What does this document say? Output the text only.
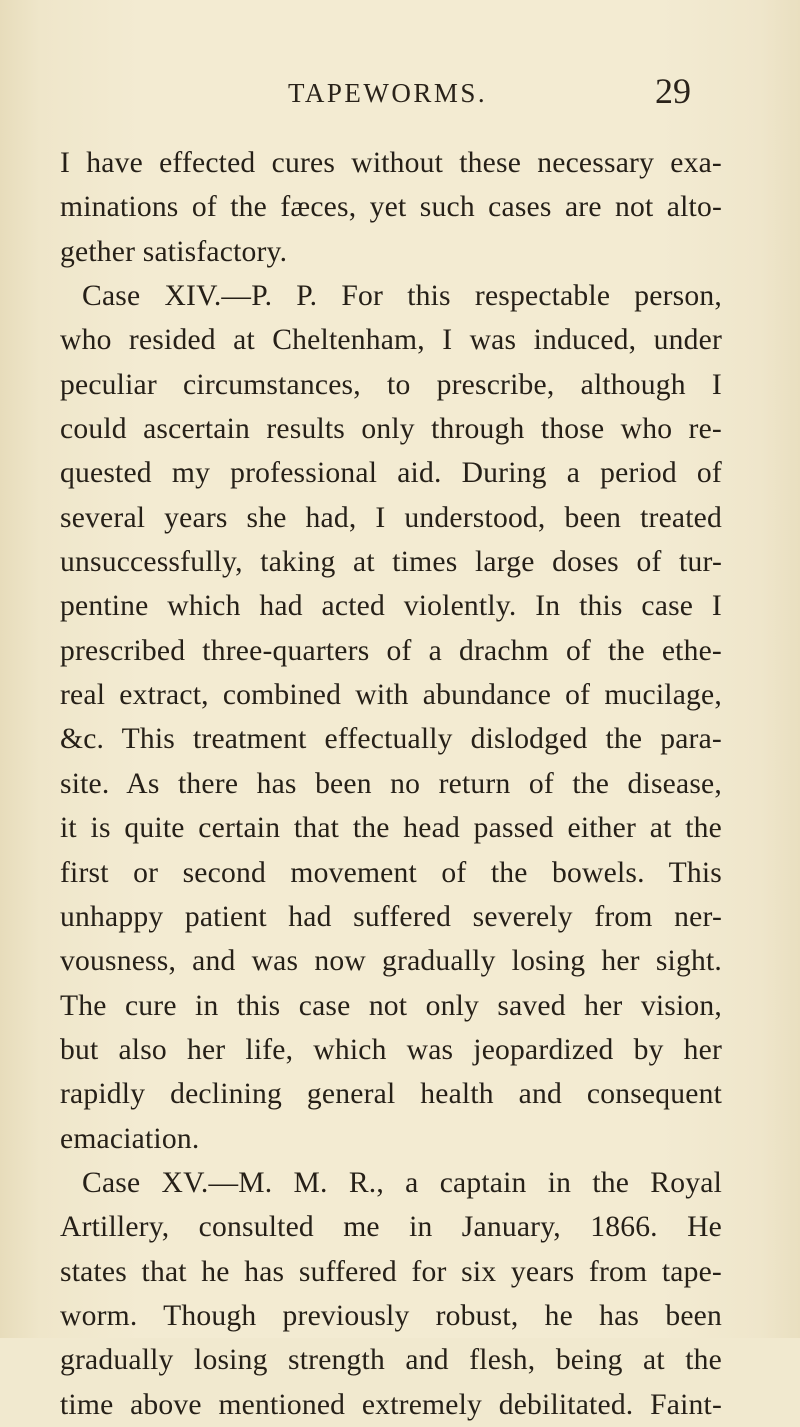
TAPEWORMS.	29
I have effected cures without these necessary exa-
minations of the fæces, yet such cases are not alto-
gether satisfactory.
Case XIV.—P. P. For this respectable person,
who resided at Cheltenham, I was induced, under
peculiar circumstances, to prescribe, although I
could ascertain results only through those who re-
quested my professional aid. During a period of
several years she had, I understood, been treated
unsuccessfully, taking at times large doses of tur-
pentine which had acted violently. In this case I
prescribed three-quarters of a drachm of the ethe-
real extract, combined with abundance of mucilage,
&c. This treatment effectually dislodged the para-
site. As there has been no return of the disease,
it is quite certain that the head passed either at the
first or second movement of the bowels. This
unhappy patient had suffered severely from ner-
vousness, and was now gradually losing her sight.
The cure in this case not only saved her vision,
but also her life, which was jeopardized by her
rapidly declining general health and consequent
emaciation.
Case XV.—M. M. R., a captain in the Royal
Artillery, consulted me in January, 1866. He
states that he has suffered for six years from tape-
worm. Though previously robust, he has been
gradually losing strength and flesh, being at the
time above mentioned extremely debilitated. Faint-
